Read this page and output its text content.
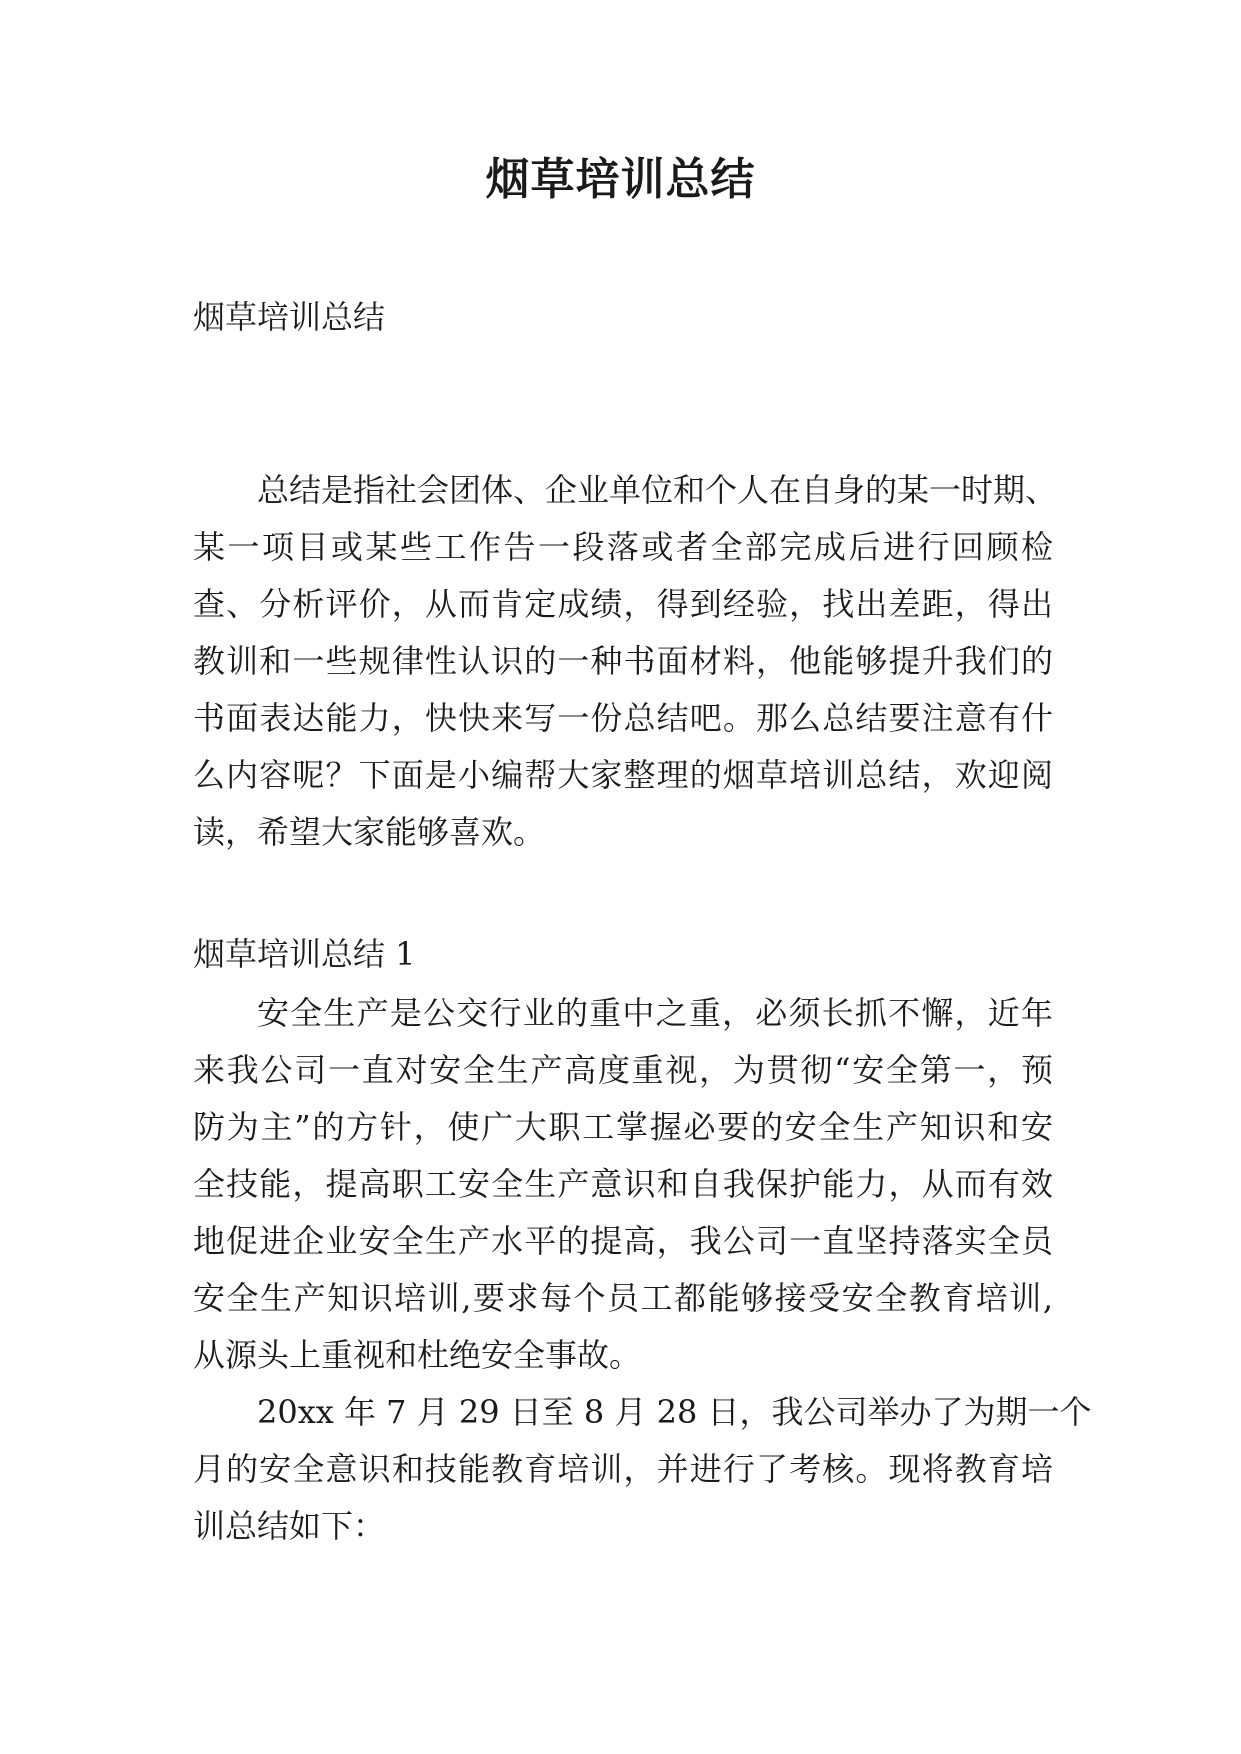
烟草培训总结

烟草培训总结

总结是指社会团体、企业单位和个人在自身的某一时期、

某一项目或某些工作告一段落或者全部完成后进行回顾检

查、分析评价，从而肯定成绩，得到经验，找出差距，得出

教训和一些规律性认识的一种书面材料，他能够提升我们的

书面表达能力，快快来写一份总结吧。那么总结要注意有什

么内容呢？下面是小编帮大家整理的烟草培训总结，欢迎阅

读，希望大家能够喜欢。

烟草培训总结 1

安全生产是公交行业的重中之重，必须长抓不懈，近年

来我公司一直对安全生产高度重视，为贯彻“安全第一，预

防为主”的方针，使广大职工掌握必要的安全生产知识和安

全技能，提高职工安全生产意识和自我保护能力，从而有效

地促进企业安全生产水平的提高，我公司一直坚持落实全员

安全生产知识培训,要求每个员工都能够接受安全教育培训,

从源头上重视和杜绝安全事故。

20xx 年 7 月 29 日至 8 月 28 日，我公司举办了为期一个

月的安全意识和技能教育培训，并进行了考核。现将教育培

训总结如下：
